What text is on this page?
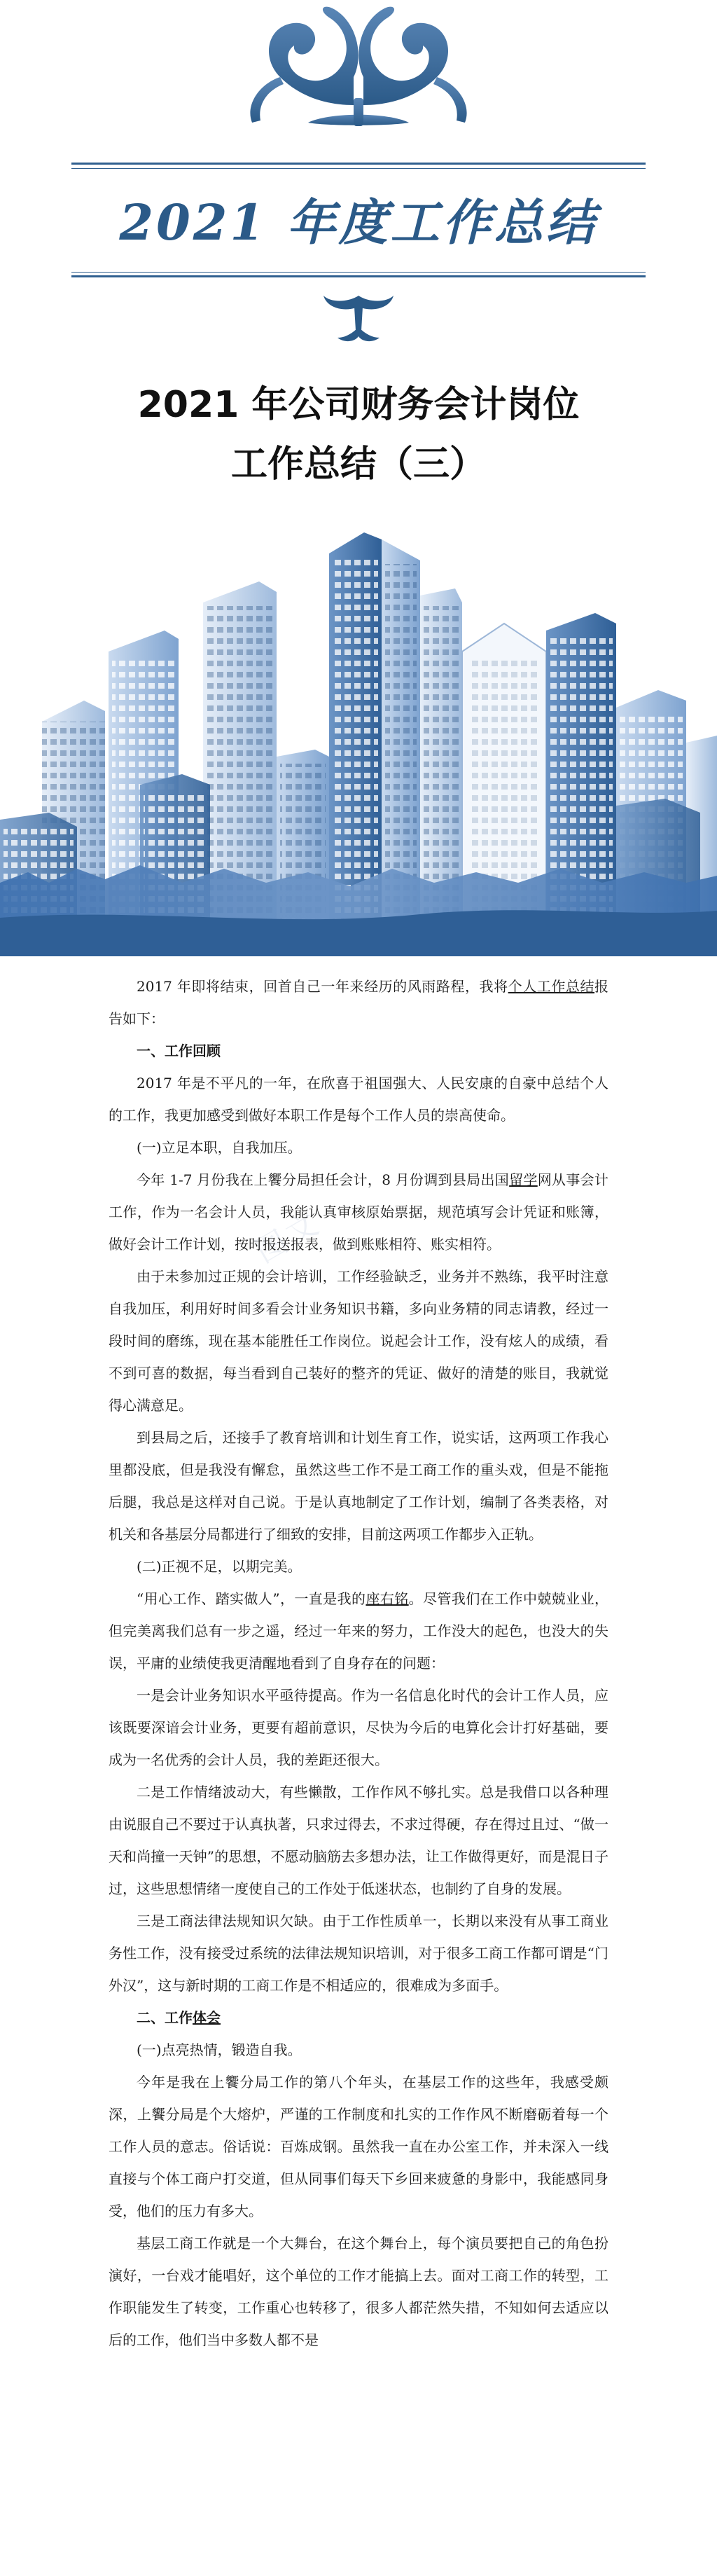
2021 年度工作总结
2021 年公司财务会计岗位
工作总结（三）
图文

2017 年即将结束，回首自己一年来经历的风雨路程，我将个人工作总结报告如下：

一、工作回顾

2017 年是不平凡的一年，在欣喜于祖国强大、人民安康的自豪中总结个人的工作，我更加感受到做好本职工作是每个工作人员的崇高使命。

(一)立足本职，自我加压。

今年 1-7 月份我在上饗分局担任会计，8 月份调到县局出国留学网从事会计工作，作为一名会计人员，我能认真审核原始票据，规范填写会计凭证和账簿，做好会计工作计划，按时报送报表，做到账账相符、账实相符。

由于未参加过正规的会计培训，工作经验缺乏，业务并不熟练，我平时注意自我加压，利用好时间多看会计业务知识书籍，多向业务精的同志请教，经过一段时间的磨练，现在基本能胜任工作岗位。说起会计工作，没有炫人的成绩，看不到可喜的数据，每当看到自己装好的整齐的凭证、做好的清楚的账目，我就觉得心满意足。

到县局之后，还接手了教育培训和计划生育工作，说实话，这两项工作我心里都没底，但是我没有懈怠，虽然这些工作不是工商工作的重头戏，但是不能拖后腿，我总是这样对自己说。于是认真地制定了工作计划，编制了各类表格，对机关和各基层分局都进行了细致的安排，目前这两项工作都步入正轨。

(二)正视不足，以期完美。

“用心工作、踏实做人”，一直是我的座右铭。尽管我们在工作中兢兢业业，但完美离我们总有一步之遥，经过一年来的努力，工作没大的起色，也没大的失误，平庸的业绩使我更清醒地看到了自身存在的问题：

一是会计业务知识水平亟待提高。作为一名信息化时代的会计工作人员，应该既要深谙会计业务，更要有超前意识，尽快为今后的电算化会计打好基础，要成为一名优秀的会计人员，我的差距还很大。

二是工作情绪波动大，有些懒散，工作作风不够扎实。总是我借口以各种理由说服自己不要过于认真执著，只求过得去，不求过得硬，存在得过且过、“做一天和尚撞一天钟”的思想，不愿动脑筋去多想办法，让工作做得更好，而是混日子过，这些思想情绪一度使自己的工作处于低迷状态，也制约了自身的发展。

三是工商法律法规知识欠缺。由于工作性质单一，长期以来没有从事工商业务性工作，没有接受过系统的法律法规知识培训，对于很多工商工作都可谓是“门外汉”，这与新时期的工商工作是不相适应的，很难成为多面手。

二、工作体会

(一)点亮热情，锻造自我。

今年是我在上饗分局工作的第八个年头，在基层工作的这些年，我感受颇深，上饗分局是个大熔炉，严谨的工作制度和扎实的工作作风不断磨砺着每一个工作人员的意志。俗话说：百炼成钢。虽然我一直在办公室工作，并未深入一线直接与个体工商户打交道，但从同事们每天下乡回来疲惫的身影中，我能感同身受，他们的压力有多大。

基层工商工作就是一个大舞台，在这个舞台上，每个演员要把自己的角色扮演好，一台戏才能唱好，这个单位的工作才能搞上去。面对工商工作的转型，工作职能发生了转变，工作重心也转移了，很多人都茫然失措，不知如何去适应以后的工作，他们当中多数人都不是
